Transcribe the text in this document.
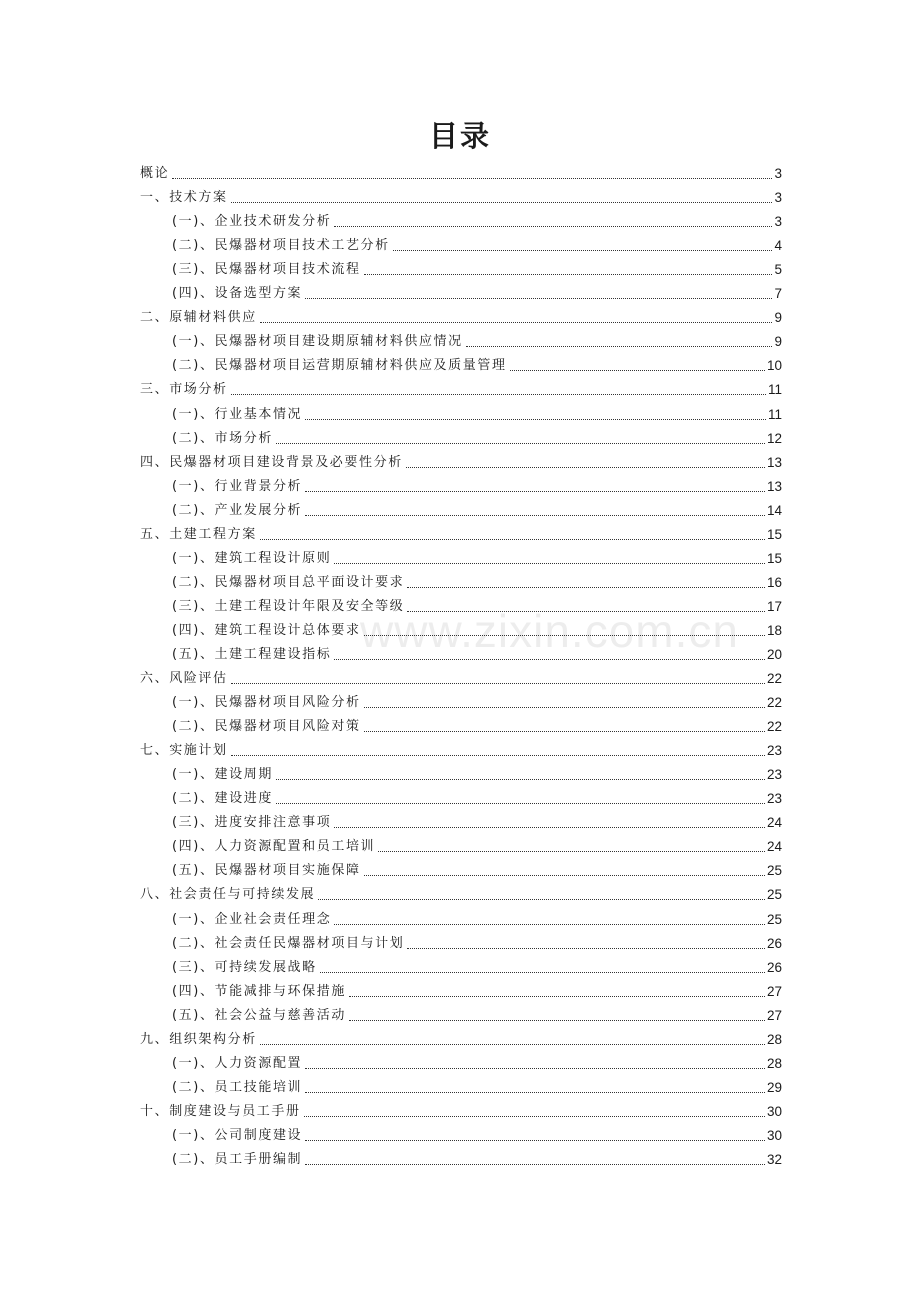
目录
www.zixin.com.cn
概论	3
一、技术方案	3
(一)、企业技术研发分析	3
(二)、民爆器材项目技术工艺分析	4
(三)、民爆器材项目技术流程	5
(四)、设备选型方案	7
二、原辅材料供应	9
(一)、民爆器材项目建设期原辅材料供应情况	9
(二)、民爆器材项目运营期原辅材料供应及质量管理	10
三、市场分析	11
(一)、行业基本情况	11
(二)、市场分析	12
四、民爆器材项目建设背景及必要性分析	13
(一)、行业背景分析	13
(二)、产业发展分析	14
五、土建工程方案	15
(一)、建筑工程设计原则	15
(二)、民爆器材项目总平面设计要求	16
(三)、土建工程设计年限及安全等级	17
(四)、建筑工程设计总体要求	18
(五)、土建工程建设指标	20
六、风险评估	22
(一)、民爆器材项目风险分析	22
(二)、民爆器材项目风险对策	22
七、实施计划	23
(一)、建设周期	23
(二)、建设进度	23
(三)、进度安排注意事项	24
(四)、人力资源配置和员工培训	24
(五)、民爆器材项目实施保障	25
八、社会责任与可持续发展	25
(一)、企业社会责任理念	25
(二)、社会责任民爆器材项目与计划	26
(三)、可持续发展战略	26
(四)、节能减排与环保措施	27
(五)、社会公益与慈善活动	27
九、组织架构分析	28
(一)、人力资源配置	28
(二)、员工技能培训	29
十、制度建设与员工手册	30
(一)、公司制度建设	30
(二)、员工手册编制	32
